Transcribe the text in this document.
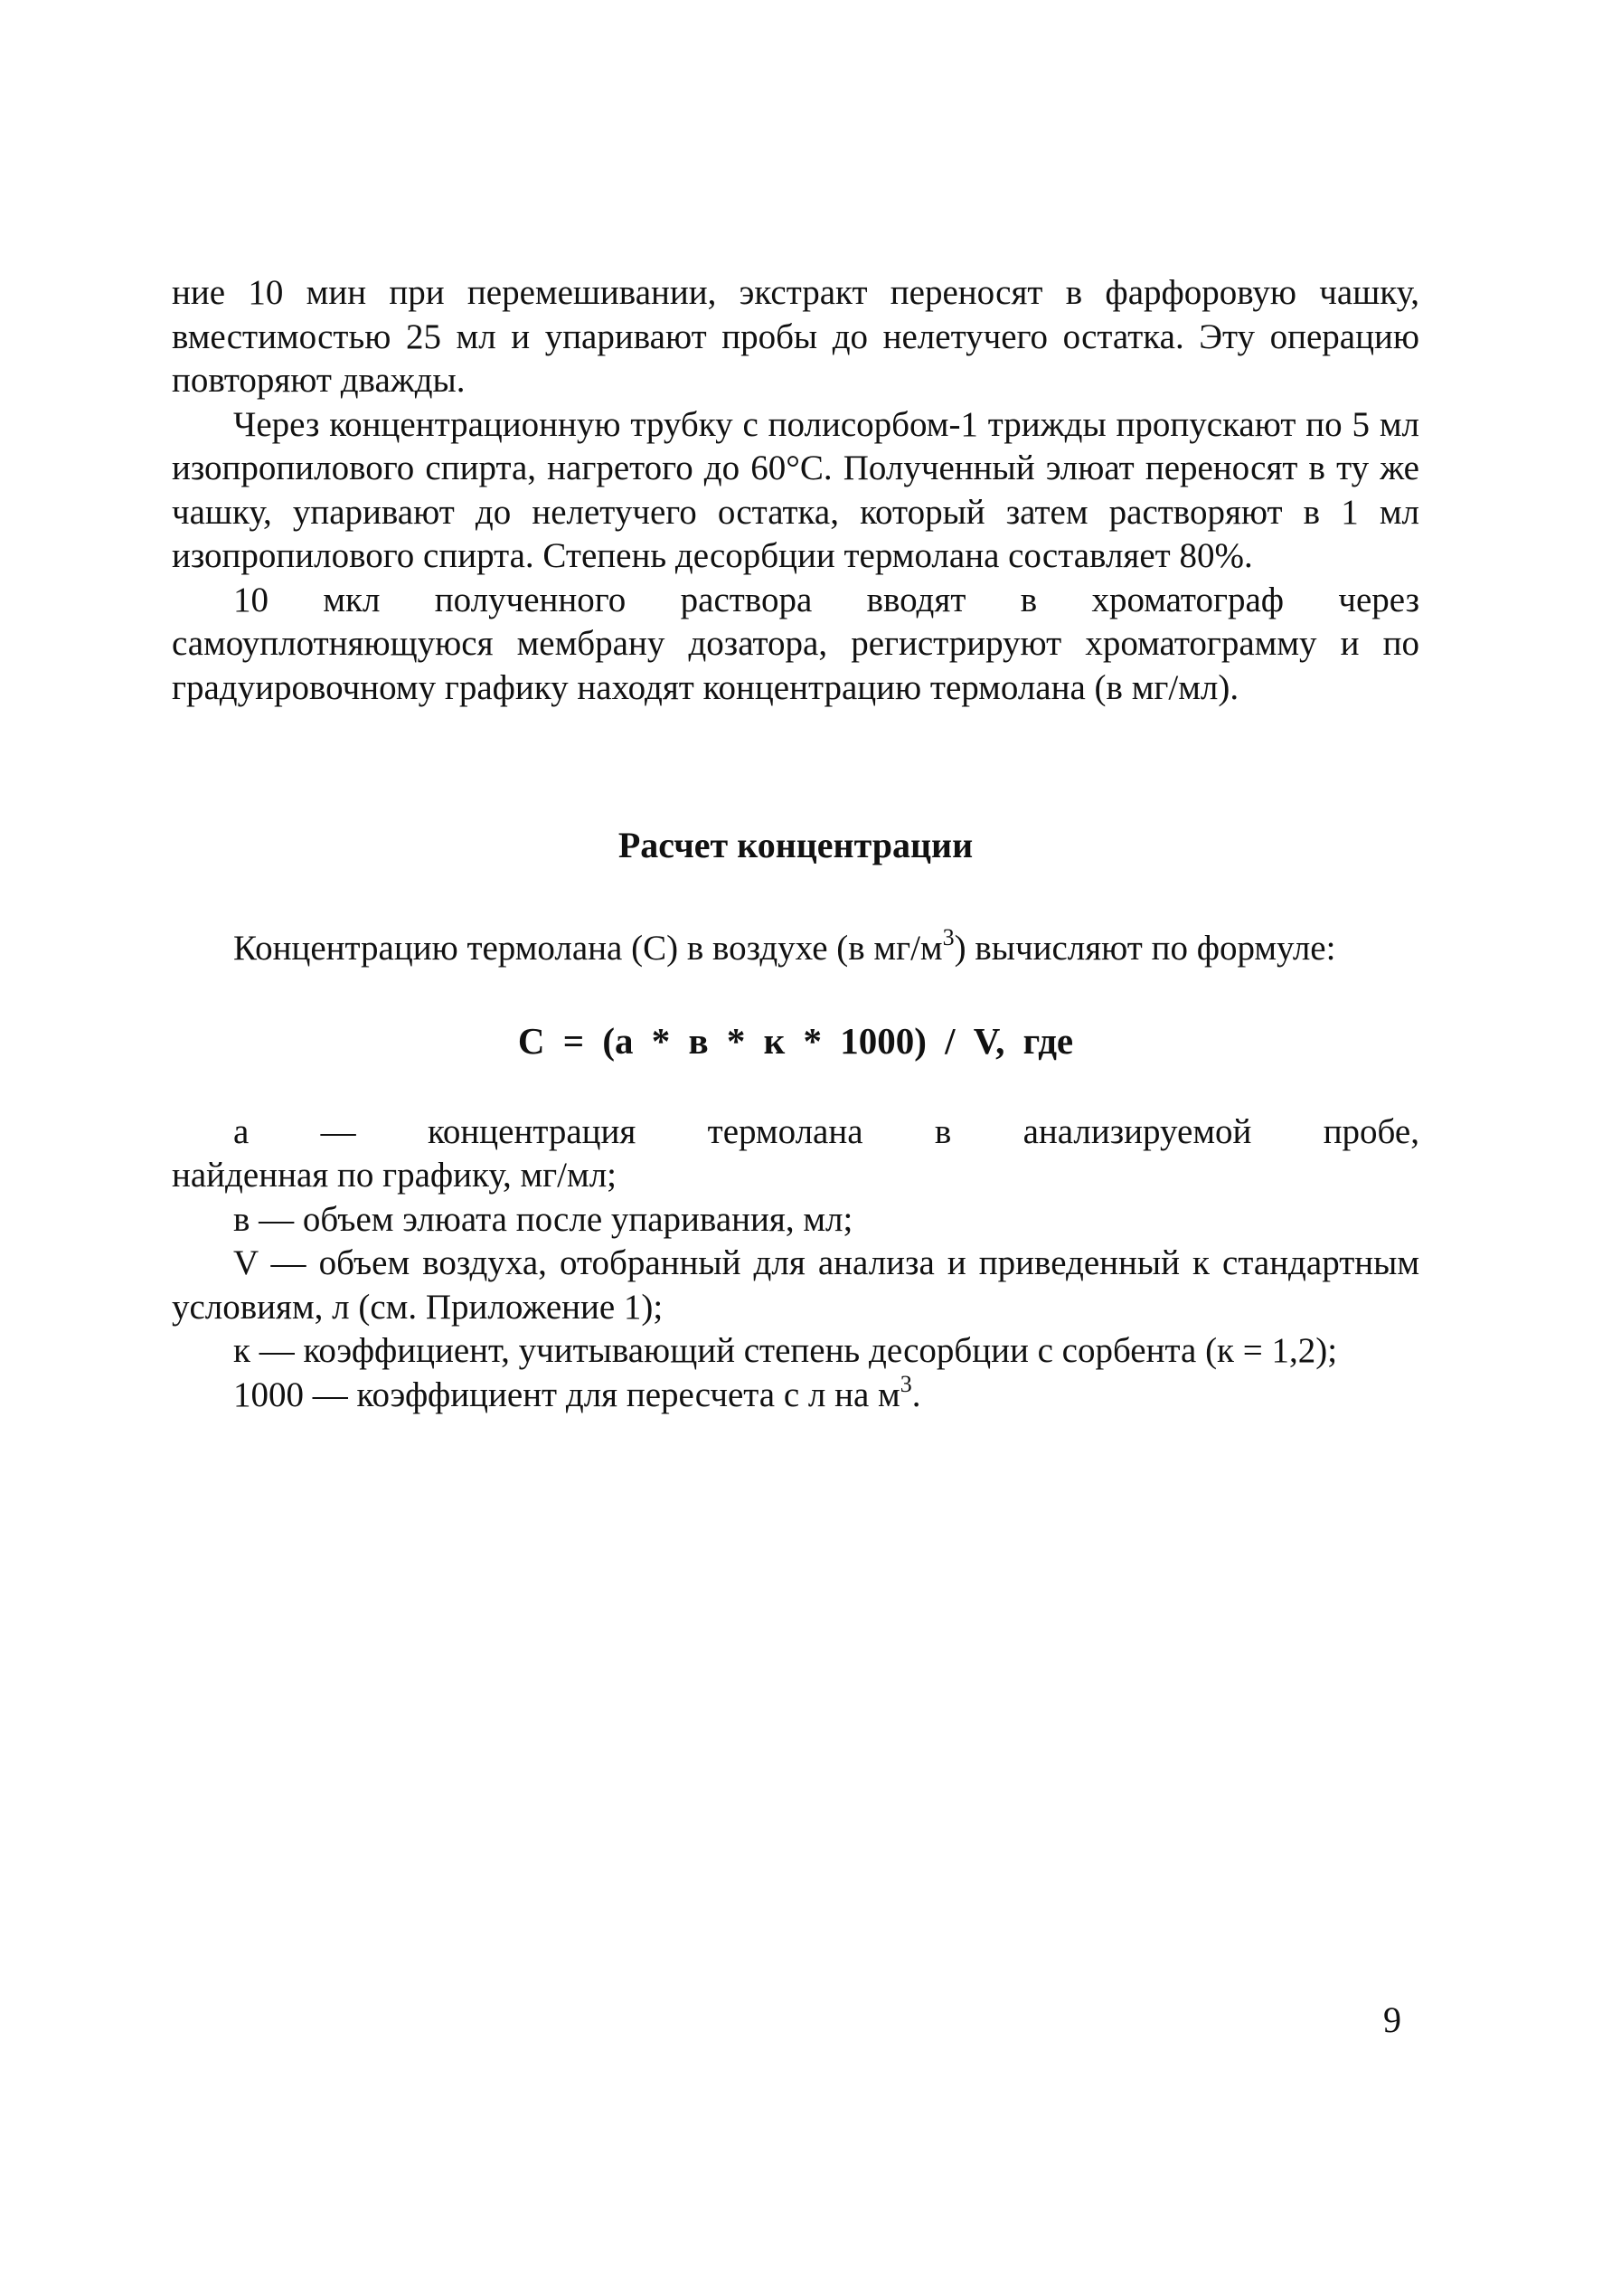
ние 10 мин при перемешивании, экстракт переносят в фарфоровую чашку, вместимостью 25 мл и упаривают пробы до нелетучего остатка. Эту операцию повторяют дважды.

Через концентрационную трубку с полисорбом-1 трижды пропускают по 5 мл изопропилового спирта, нагретого до 60°С. Полученный элюат переносят в ту же чашку, упаривают до нелетучего остатка, который затем растворяют в 1 мл изопропилового спирта. Степень десорбции термолана составляет 80%.

10 мкл полученного раствора вводят в хроматограф через самоуплотняющуюся мембрану дозатора, регистрируют хроматограмму и по градуировочному графику находят концентрацию термолана (в мг/мл).

Расчет концентрации

Концентрацию термолана (С) в воздухе (в $мг/м^3$) вычисляют по формуле:

С = (а * в * к * 1000) / V, где
а — концентрация термолана в анализируемой пробе,

найденная по графику, мг/мл;

в — объем элюата после упаривания, мл;

V — объем воздуха, отобранный для анализа и приведенный к стандартным условиям, л (см. Приложение 1);

к — коэффициент, учитывающий степень десорбции с сорбента (к = 1,2);

1000 — коэффициент для пересчета с л на $м^3$.

9
